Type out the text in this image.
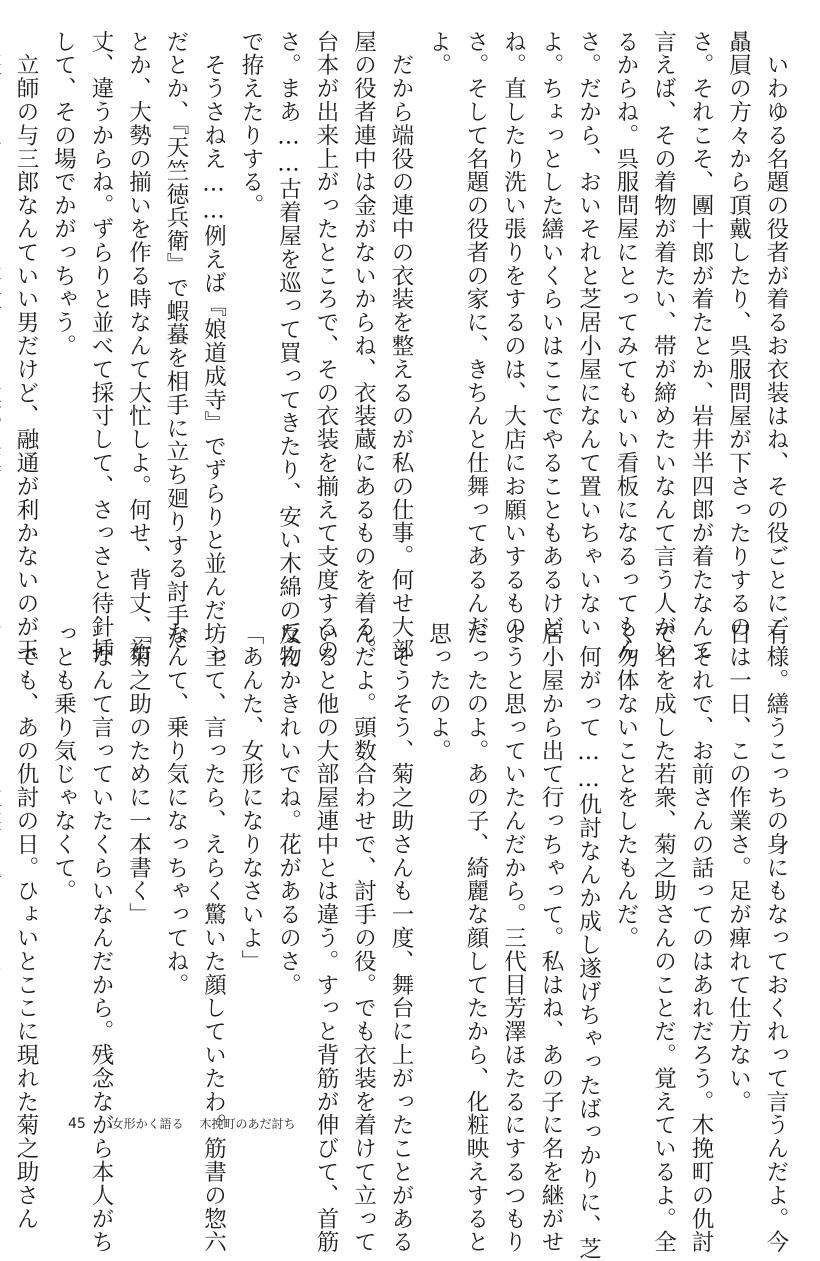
　いわゆる名題の役者が着るお衣装はね、その役ごとにご
贔屓の方々から頂戴したり、呉服問屋が下さったりするの
さ。それこそ、團十郎が着たとか、岩井半四郎が着たなんて
言えば、その着物が着たい、帯が締めたいなんて言う人がい
るからね。呉服問屋にとってみてもいい看板になるってもん
さ。だから、おいそれと芝居小屋になんて置いちゃいない
よ。ちょっとした繕いくらいはここでやることもあるけど
ね。直したり洗い張りをするのは、大店にお願いするもの
さ。そして名題の役者の家に、きちんと仕舞ってあるんだ
よ。
　だから端役の連中の衣装を整えるのが私の仕事。何せ大部
屋の役者連中は金がないからね、衣装蔵にあるものを着る。
台本が出来上がったところで、その衣装を揃えて支度するの
さ。まあ……古着屋を巡って買ってきたり、安い木綿の反物
で拵えたりする。
　そうさねえ……例えば『娘道成寺』でずらりと並んだ坊主
だとか、『天竺徳兵衛』で蝦蟇を相手に立ち廻りする討手だ
とか、大勢の揃いを作る時なんて大忙しよ。何せ、背丈、裄
丈、違うからね。ずらりと並べて採寸して、さっさと待針挿
して、その場でかがっちゃう。
　立師の与三郎なんていい男だけど、融通が利かないのが玉
有様。繕うこっちの身にもなっておくれって言うんだよ。今
日は一日、この作業さ。足が痺れて仕方ない。
　それで、お前さんの話ってのはあれだろう。木挽町の仇討
で名を成した若衆、菊之助さんのことだ。覚えているよ。全
く勿体ないことをしたもんだ。
　何がって……仇討なんか成し遂げちゃったばっかりに、芝
居小屋から出て行っちゃって。私はね、あの子に名を継がせ
ようと思っていたんだから。三代目芳澤ほたるにするつもり
だったのよ。あの子、綺麗な顔してたから、化粧映えすると
思ったのよ。
　そうそう、菊之助さんも一度、舞台に上がったことがある
んだよ。頭数合わせで、討手の役。でも衣装を着けて立って
いると他の大部屋連中とは違う。すっと背筋が伸びて、首筋
なんかきれいでね。花があるのさ。
「あんた、女形になりなさいよ」
　って、言ったら、えらく驚いた顔していたわ。筋書の惣六
なんて、乗り気になっちゃってね。
「菊之助のために一本書く」
　なんて言っていたくらいなんだから。残念ながら本人がち
っとも乗り気じゃなくて。
　でも、あの仇討の日。ひょいとここに現れた菊之助さん	45 女形かく語る 木挽町のあだ討ち
